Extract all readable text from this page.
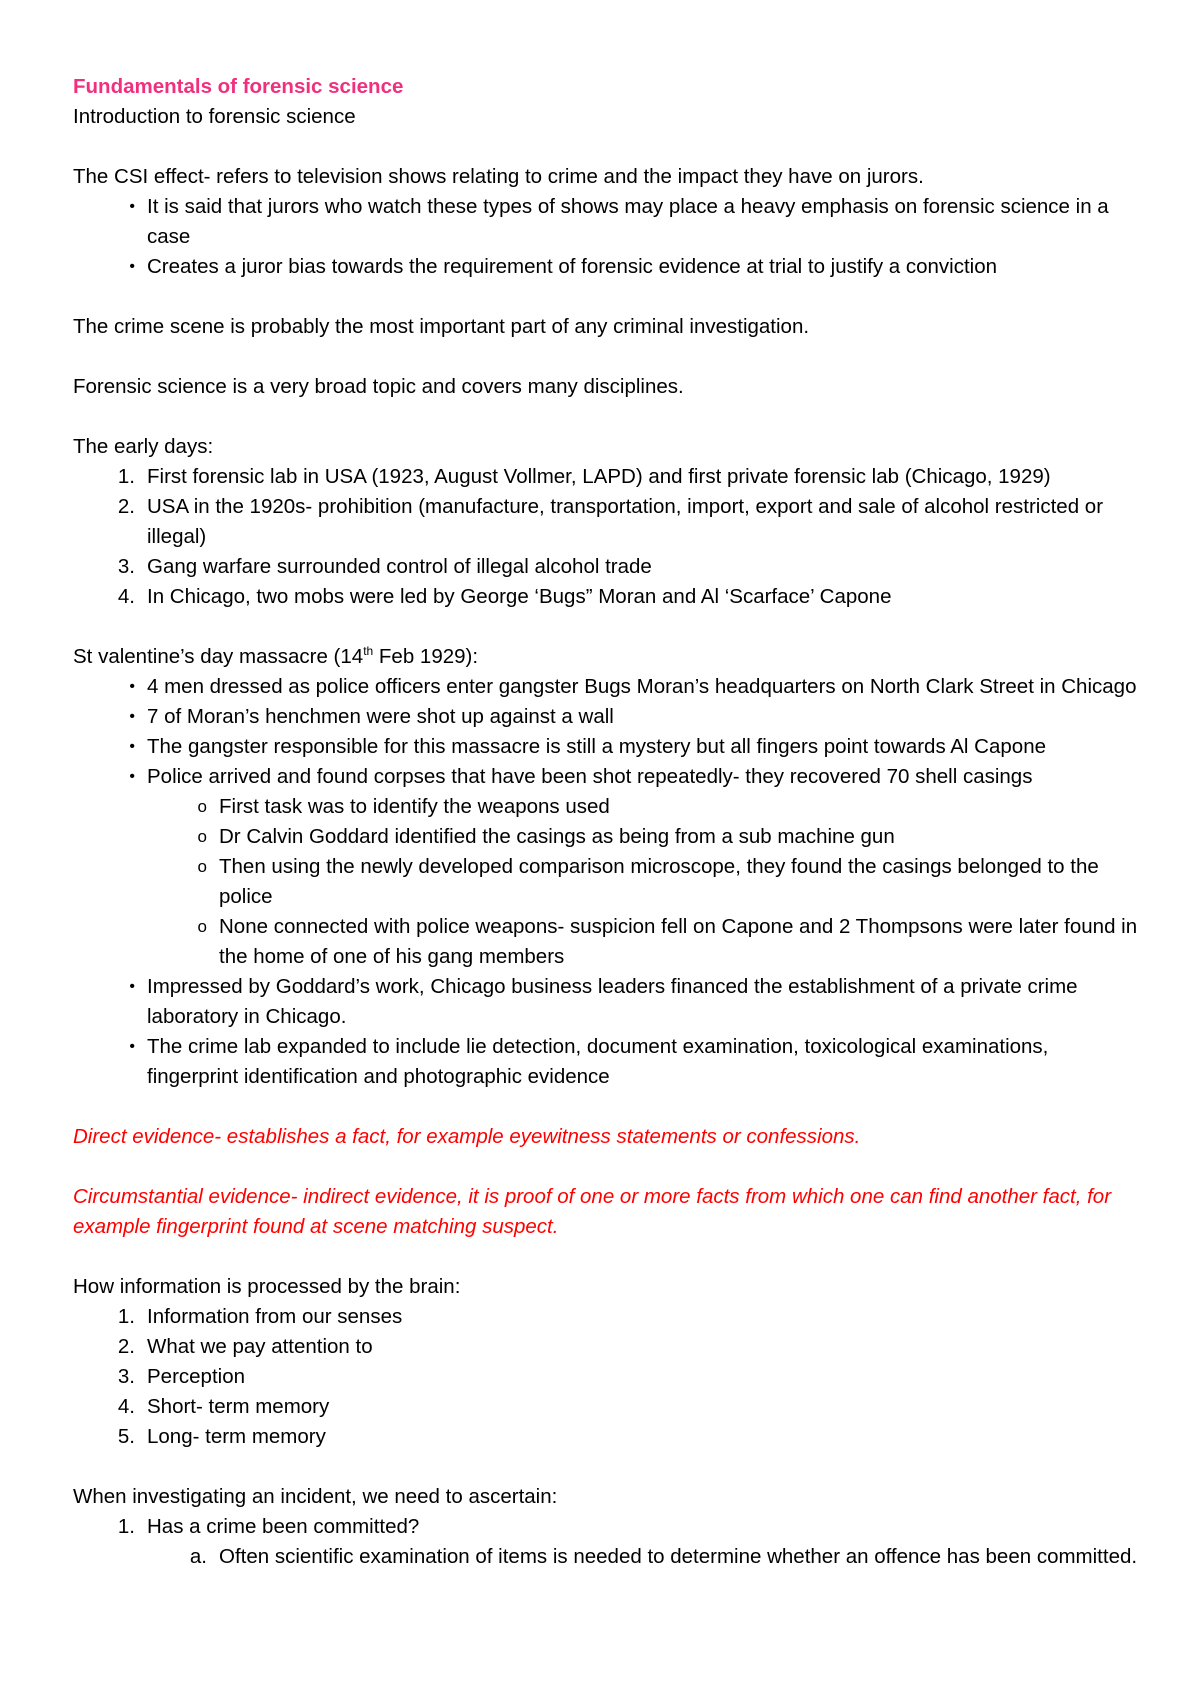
Fundamentals of forensic science

Introduction to forensic science

The CSI effect- refers to television shows relating to crime and the impact they have on jurors.

• It is said that jurors who watch these types of shows may place a heavy emphasis on forensic science in a case
• Creates a juror bias towards the requirement of forensic evidence at trial to justify a conviction

The crime scene is probably the most important part of any criminal investigation.

Forensic science is a very broad topic and covers many disciplines.

The early days:

1. First forensic lab in USA (1923, August Vollmer, LAPD) and first private forensic lab (Chicago, 1929)
2. USA in the 1920s- prohibition (manufacture, transportation, import, export and sale of alcohol restricted or illegal)
3. Gang warfare surrounded control of illegal alcohol trade
4. In Chicago, two mobs were led by George ‘Bugs” Moran and Al ‘Scarface’ Capone

St valentine’s day massacre (14th Feb 1929):

• 4 men dressed as police officers enter gangster Bugs Moran’s headquarters on North Clark Street in Chicago
• 7 of Moran’s henchmen were shot up against a wall
• The gangster responsible for this massacre is still a mystery but all fingers point towards Al Capone
• Police arrived and found corpses that have been shot repeatedly- they recovered 70 shell casings
o First task was to identify the weapons used
o Dr Calvin Goddard identified the casings as being from a sub machine gun
o Then using the newly developed comparison microscope, they found the casings belonged to the police
o None connected with police weapons- suspicion fell on Capone and 2 Thompsons were later found in the home of one of his gang members
• Impressed by Goddard’s work, Chicago business leaders financed the establishment of a private crime laboratory in Chicago.
• The crime lab expanded to include lie detection, document examination, toxicological examinations, fingerprint identification and photographic evidence

Direct evidence- establishes a fact, for example eyewitness statements or confessions.

Circumstantial evidence- indirect evidence, it is proof of one or more facts from which one can find another fact, for example fingerprint found at scene matching suspect.

How information is processed by the brain:

1. Information from our senses
2. What we pay attention to
3. Perception
4. Short- term memory
5. Long- term memory

When investigating an incident, we need to ascertain:

1. Has a crime been committed?
a. Often scientific examination of items is needed to determine whether an offence has been committed.
